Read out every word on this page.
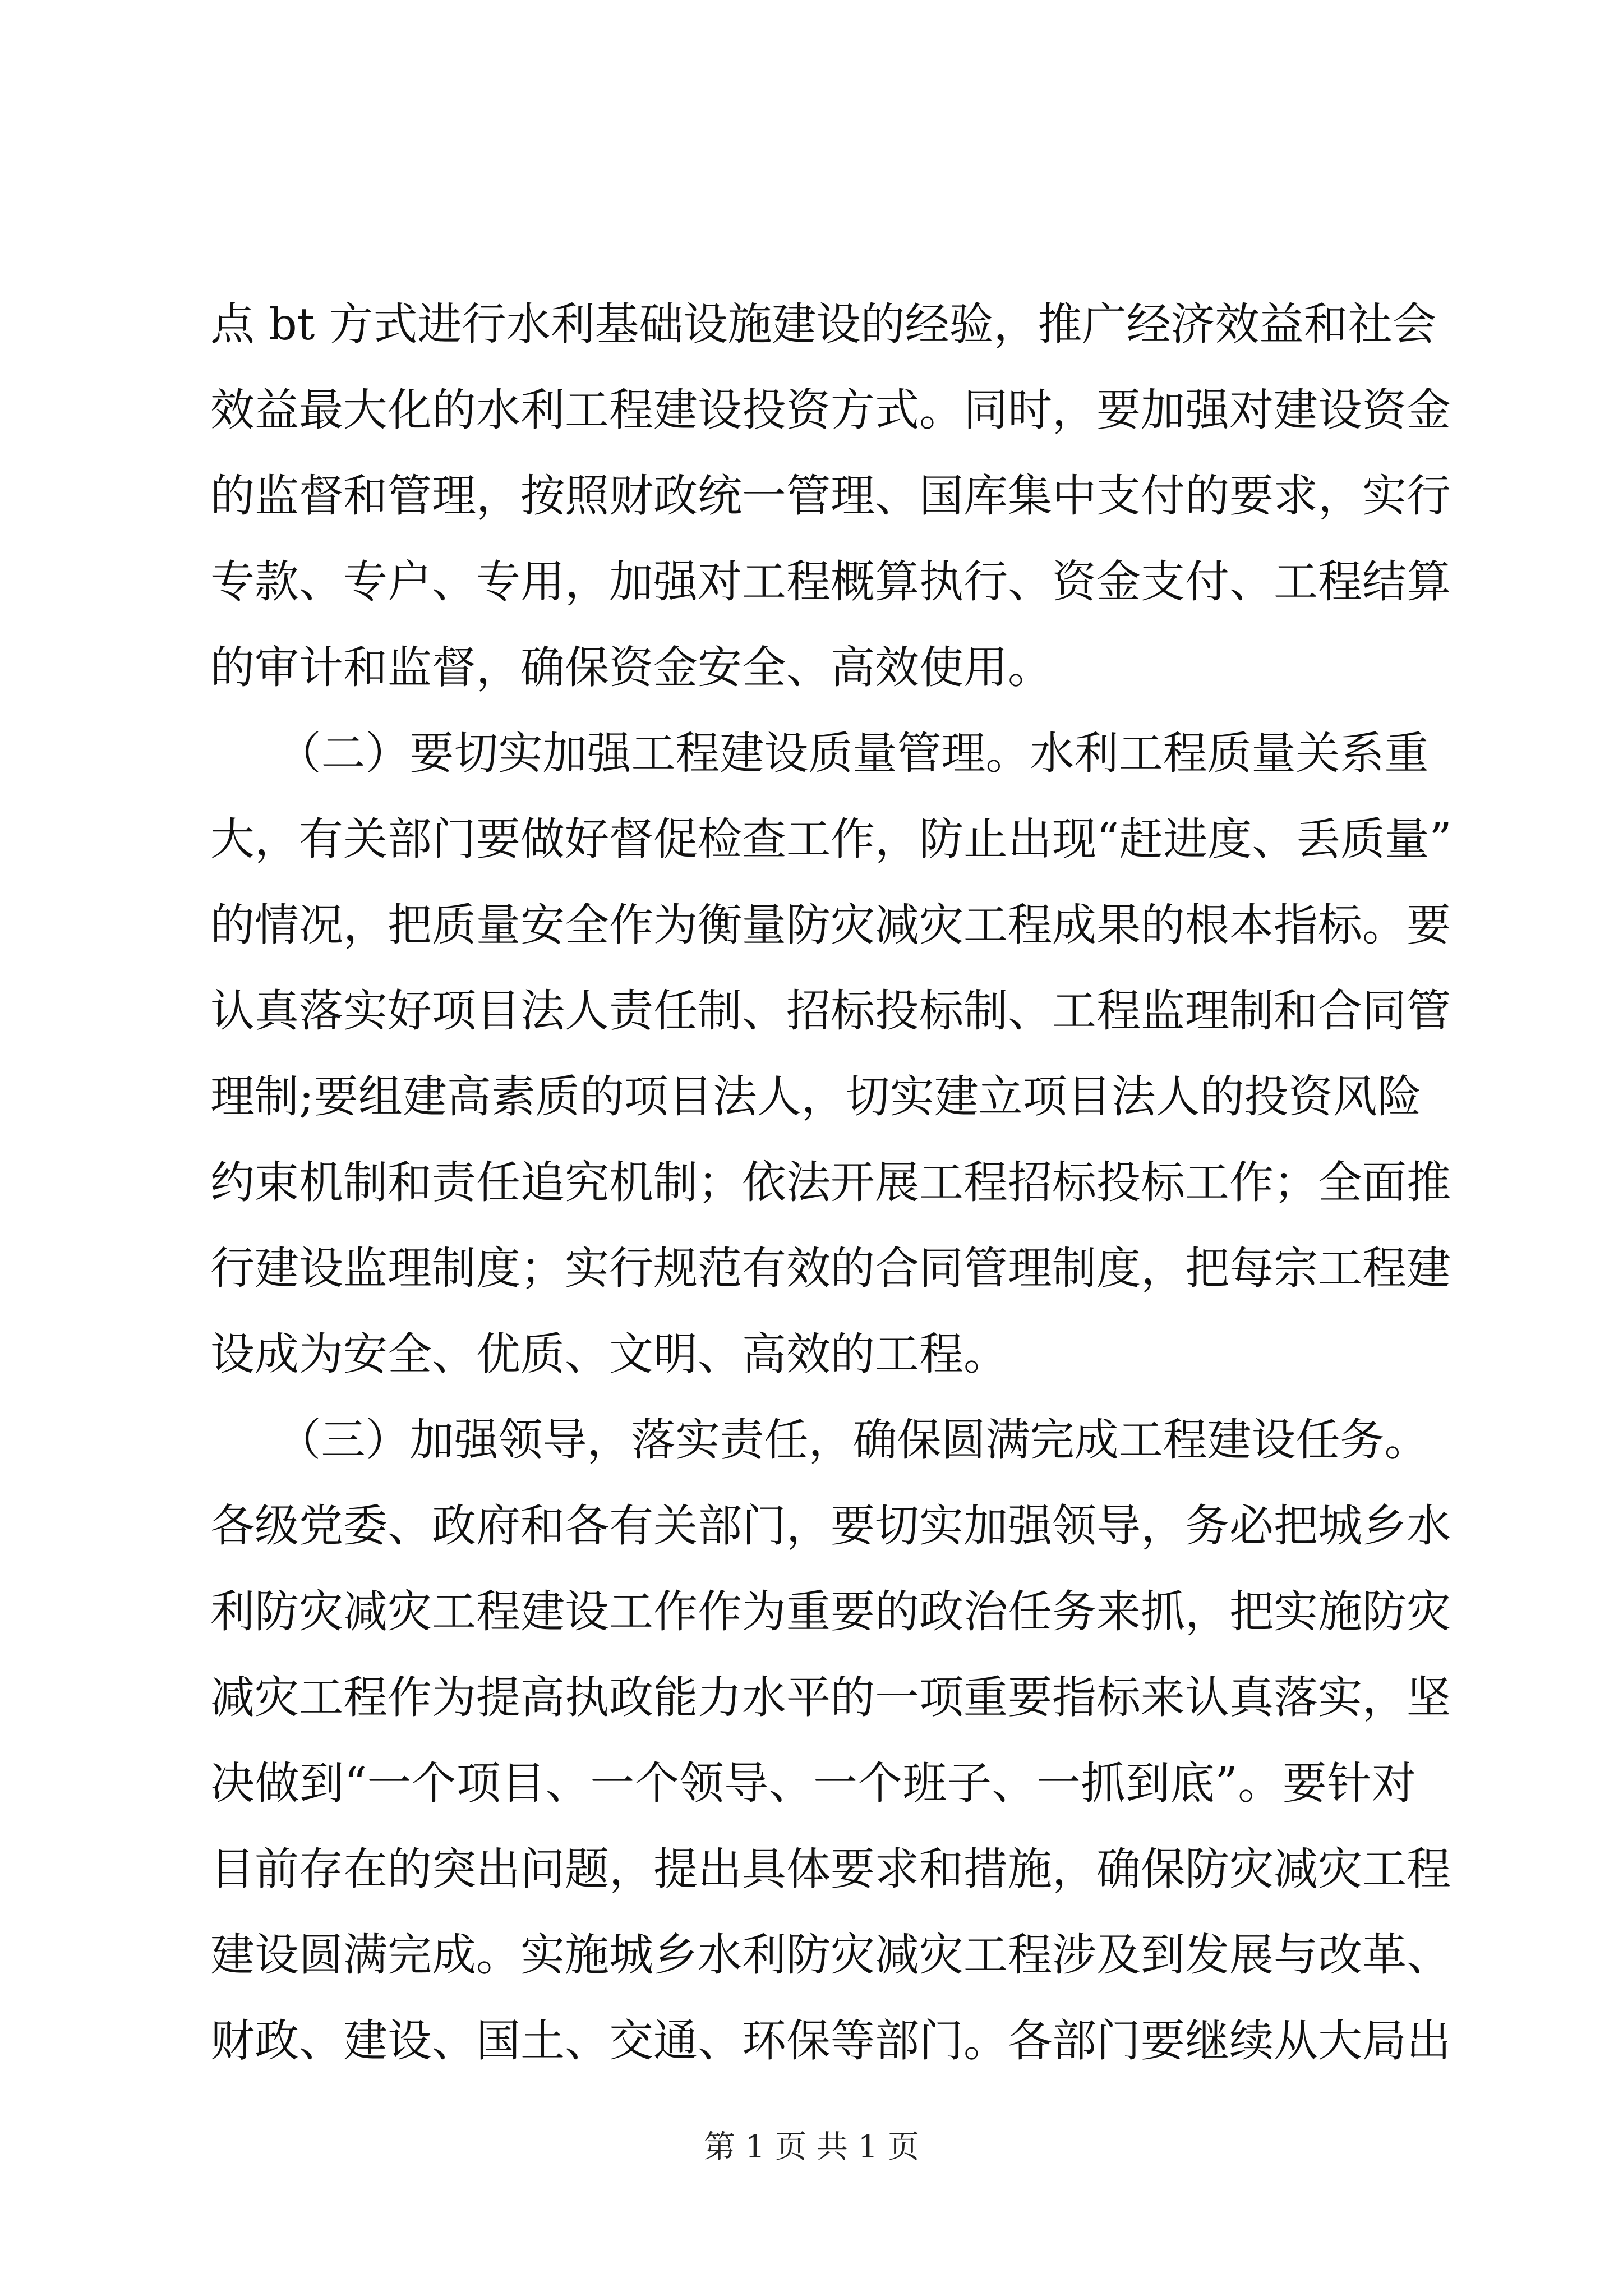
点 bt 方式进行水利基础设施建设的经验，推广经济效益和社会
效益最大化的水利工程建设投资方式。同时，要加强对建设资金
的监督和管理，按照财政统一管理、国库集中支付的要求，实行
专款、专户、专用，加强对工程概算执行、资金支付、工程结算
的审计和监督，确保资金安全、高效使用。
　　（二）要切实加强工程建设质量管理。水利工程质量关系重
大，有关部门要做好督促检查工作，防止出现“赶进度、丢质量”
的情况，把质量安全作为衡量防灾减灾工程成果的根本指标。要
认真落实好项目法人责任制、招标投标制、工程监理制和合同管
理制;要组建高素质的项目法人，切实建立项目法人的投资风险
约束机制和责任追究机制；依法开展工程招标投标工作；全面推
行建设监理制度；实行规范有效的合同管理制度，把每宗工程建
设成为安全、优质、文明、高效的工程。
　　（三）加强领导，落实责任，确保圆满完成工程建设任务。
各级党委、政府和各有关部门，要切实加强领导，务必把城乡水
利防灾减灾工程建设工作作为重要的政治任务来抓，把实施防灾
减灾工程作为提高执政能力水平的一项重要指标来认真落实，坚
决做到“一个项目、一个领导、一个班子、一抓到底”。要针对
目前存在的突出问题，提出具体要求和措施，确保防灾减灾工程
建设圆满完成。实施城乡水利防灾减灾工程涉及到发展与改革、
财政、建设、国土、交通、环保等部门。各部门要继续从大局出
第 1 页 共 1 页
